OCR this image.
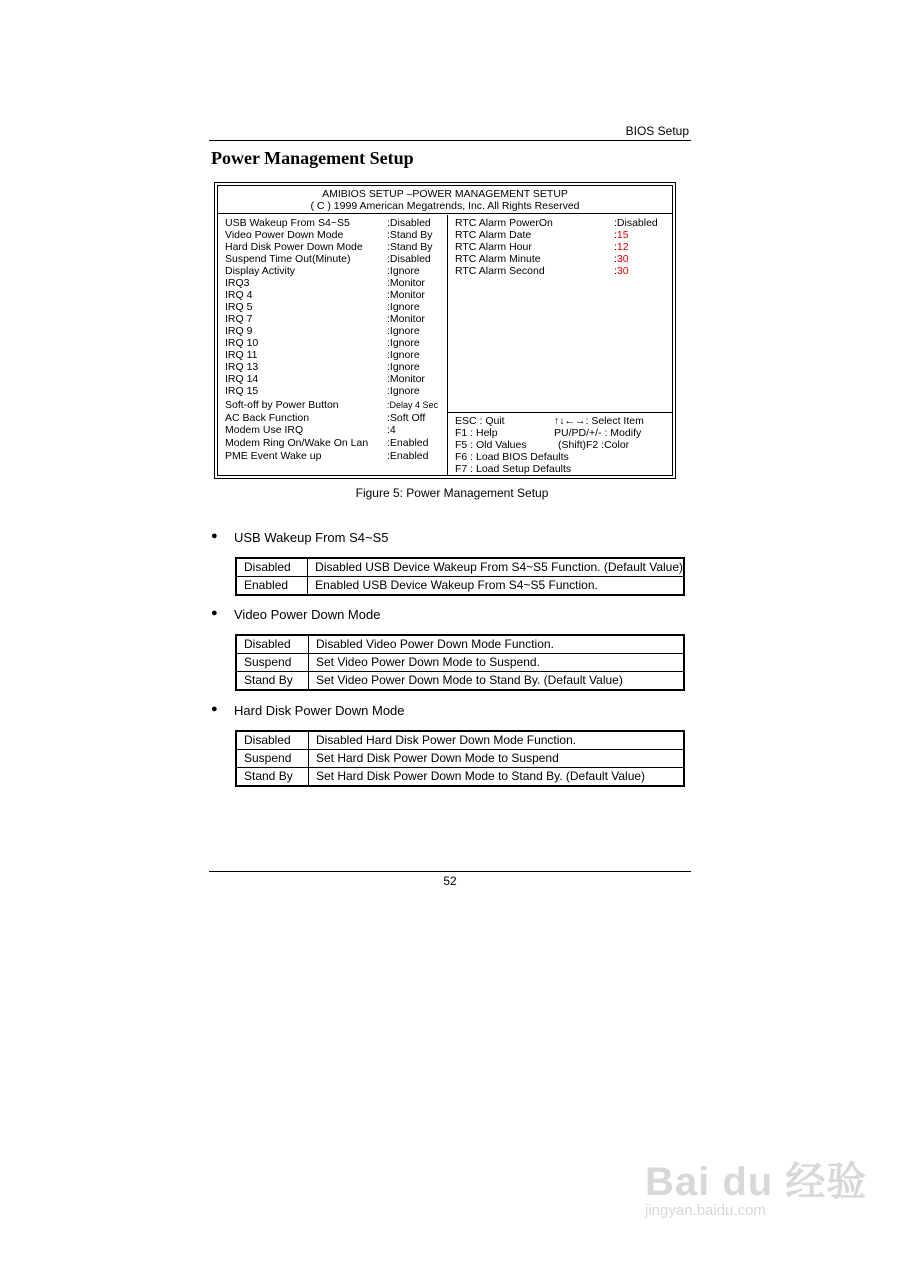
BIOS Setup
Power Management Setup
AMIBIOS SETUP –POWER MANAGEMENT SETUP
( C ) 1999 American Megatrends, Inc. All Rights Reserved
USB Wakeup From S4~S5	:Disabled
Video Power Down Mode	:Stand By
Hard Disk Power Down Mode :Stand By
Suspend Time Out(Minute)	:Disabled
Display Activity	:Ignore
IRQ3	:Monitor
IRQ 4	:Monitor
IRQ 5	:Ignore
IRQ 7	:Monitor
IRQ 9	:Ignore
IRQ 10	:Ignore
IRQ 11	:Ignore
IRQ 13	:Ignore
IRQ 14	:Monitor
IRQ 15	:Ignore
Soft-off by Power Button	:Delay 4 Sec
AC Back Function	:Soft Off
Modem Use IRQ	:4
Modem Ring On/Wake On Lan :Enabled
PME Event Wake up	:Enabled
RTC Alarm PowerOn	:Disabled
RTC Alarm Date	:15
RTC Alarm Hour	:12
RTC Alarm Minute	:30
RTC Alarm Second	:30
ESC : Quit	↑↓←→: Select Item
F1 : Help	PU/PD/+/- : Modify
F5 : Old Values	(Shift)F2 :Color
F6 : Load BIOS Defaults
F7 : Load Setup Defaults
Figure 5: Power Management Setup
● USB Wakeup From S4~S5
Disabled	Disabled USB Device Wakeup From S4~S5 Function. (Default Value)
Enabled	Enabled USB Device Wakeup From S4~S5 Function.
● Video Power Down Mode
Disabled	Disabled Video Power Down Mode Function.
Suspend	Set Video Power Down Mode to Suspend.
Stand By	Set Video Power Down Mode to Stand By. (Default Value)
● Hard Disk Power Down Mode
Disabled	Disabled Hard Disk Power Down Mode Function.
Suspend	Set Hard Disk Power Down Mode to Suspend
Stand By	Set Hard Disk Power Down Mode to Stand By. (Default Value)
52
Bai du 经验
jingyan.baidu.com
